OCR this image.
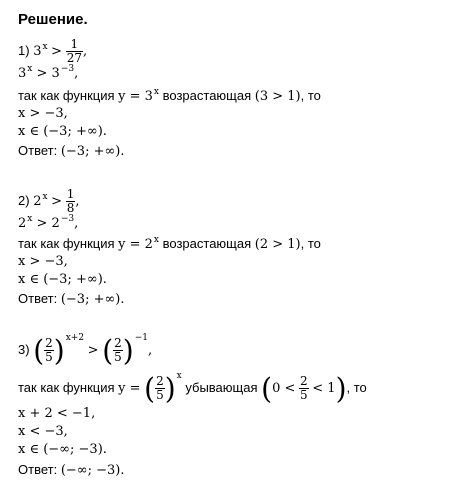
Решение.
1) $3^x > \frac{1}{27}$ ,
$3^x > 3^{-3}$,
так как функция $y = 3^x$ возрастающая (3 > 1), то
x > −3,
x ∈ (−3; +∞).
Ответ: (−3; +∞).
2) $2^x > \frac{1}{8}$ ,
$2^x > 2^{-3}$,
так как функция $y = 2^x$ возрастающая (2 > 1), то
x > −3,
x ∈ (−3; +∞).
Ответ: (−3; +∞).
3) ( $\frac{2}{5} )^{x+2}$ > ( $\frac{2}{5} )^{-1}$,
так как функция y = ( $\frac{2}{5} )^x$ убывающая $(0 < \frac{2}{5} < 1)$, то
x + 2 < −1,
x < −3,
x ∈ (−∞; −3).
Ответ: (−∞; −3).
